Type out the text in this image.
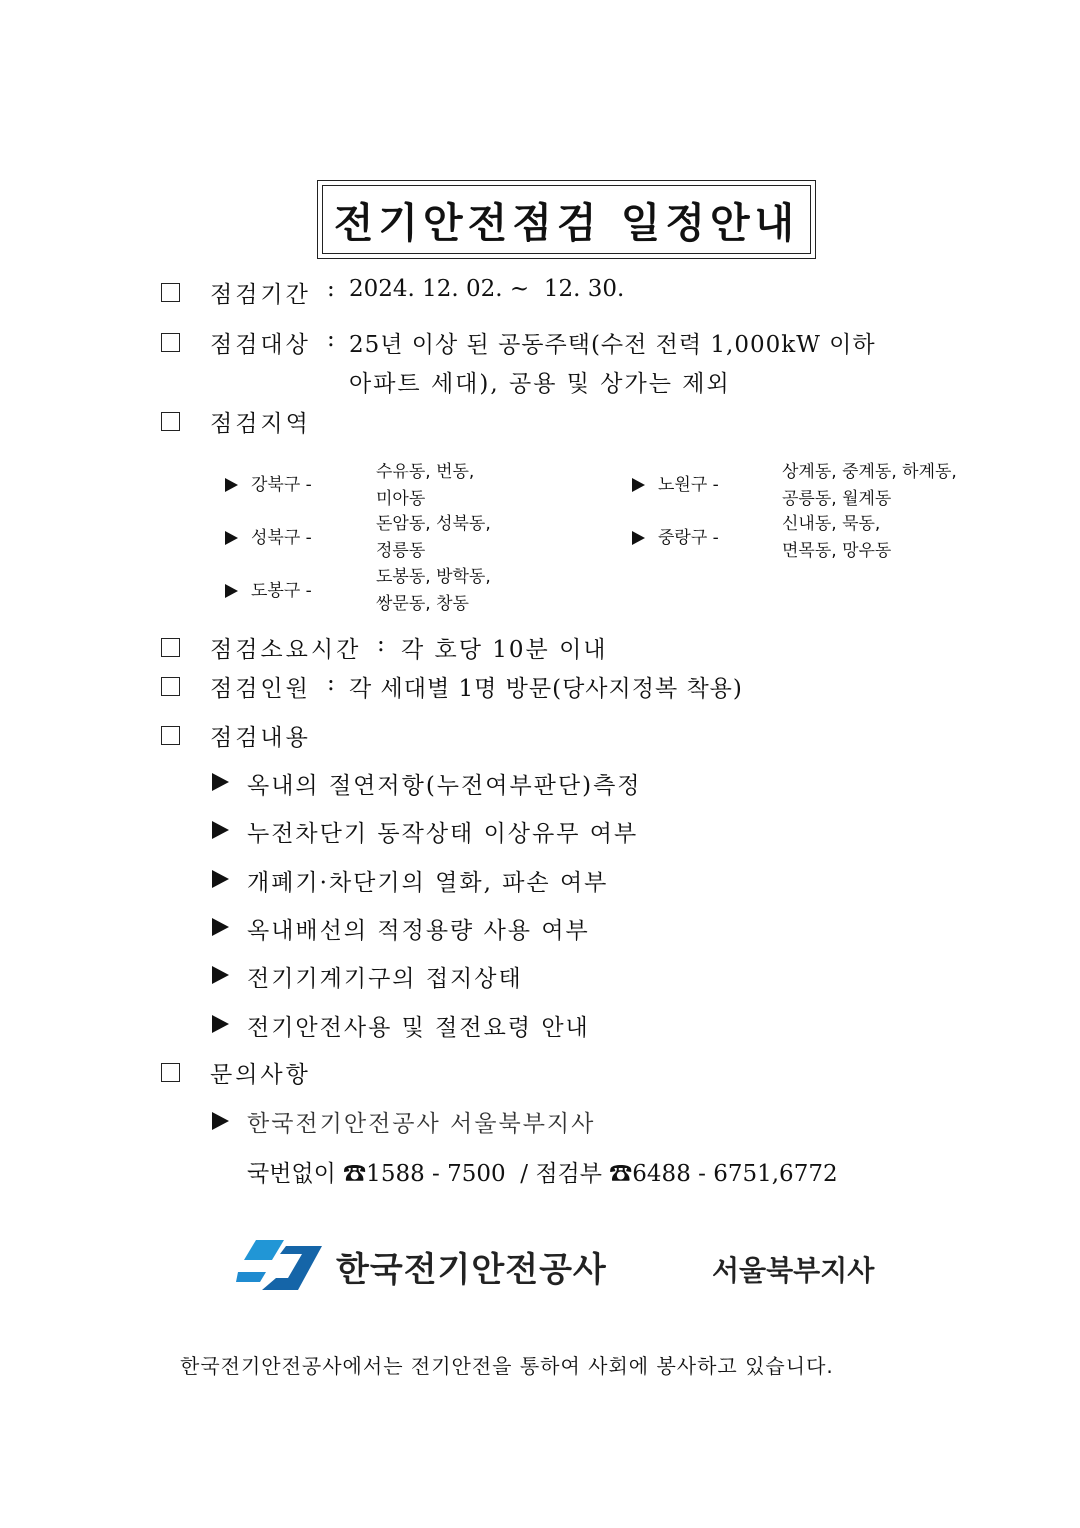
전기안전점검 일정안내
점검기간 : 2024. 12. 02. ~  12. 30.
점검대상 : 25년 이상 된 공동주택(수전 전력 1,000kW 이하
아파트 세대), 공용 및 상가는 제외
점검지역
강북구 -
수유동, 번동,
미아동
성북구 -
돈암동, 성북동,
정릉동
도봉구 -
도봉동, 방학동,
쌍문동, 창동
노원구 -
상계동, 중계동, 하계동,
공릉동, 월계동
중랑구 -
신내동, 묵동,
면목동, 망우동
점검소요시간 : 각 호당 10분 이내
점검인원 : 각 세대별 1명 방문(당사지정복 착용)
점검내용
옥내의 절연저항(누전여부판단)측정
누전차단기 동작상태 이상유무 여부
개폐기·차단기의 열화, 파손 여부
옥내배선의 적정용량 사용 여부
전기기계기구의 접지상태
전기안전사용 및 절전요령 안내
문의사항
한국전기안전공사 서울북부지사
국번없이 ☎1588 - 7500  / 점검부 ☎6488 - 6751,6772
한국전기안전공사	서울북부지사
한국전기안전공사에서는 전기안전을 통하여 사회에 봉사하고 있습니다.
